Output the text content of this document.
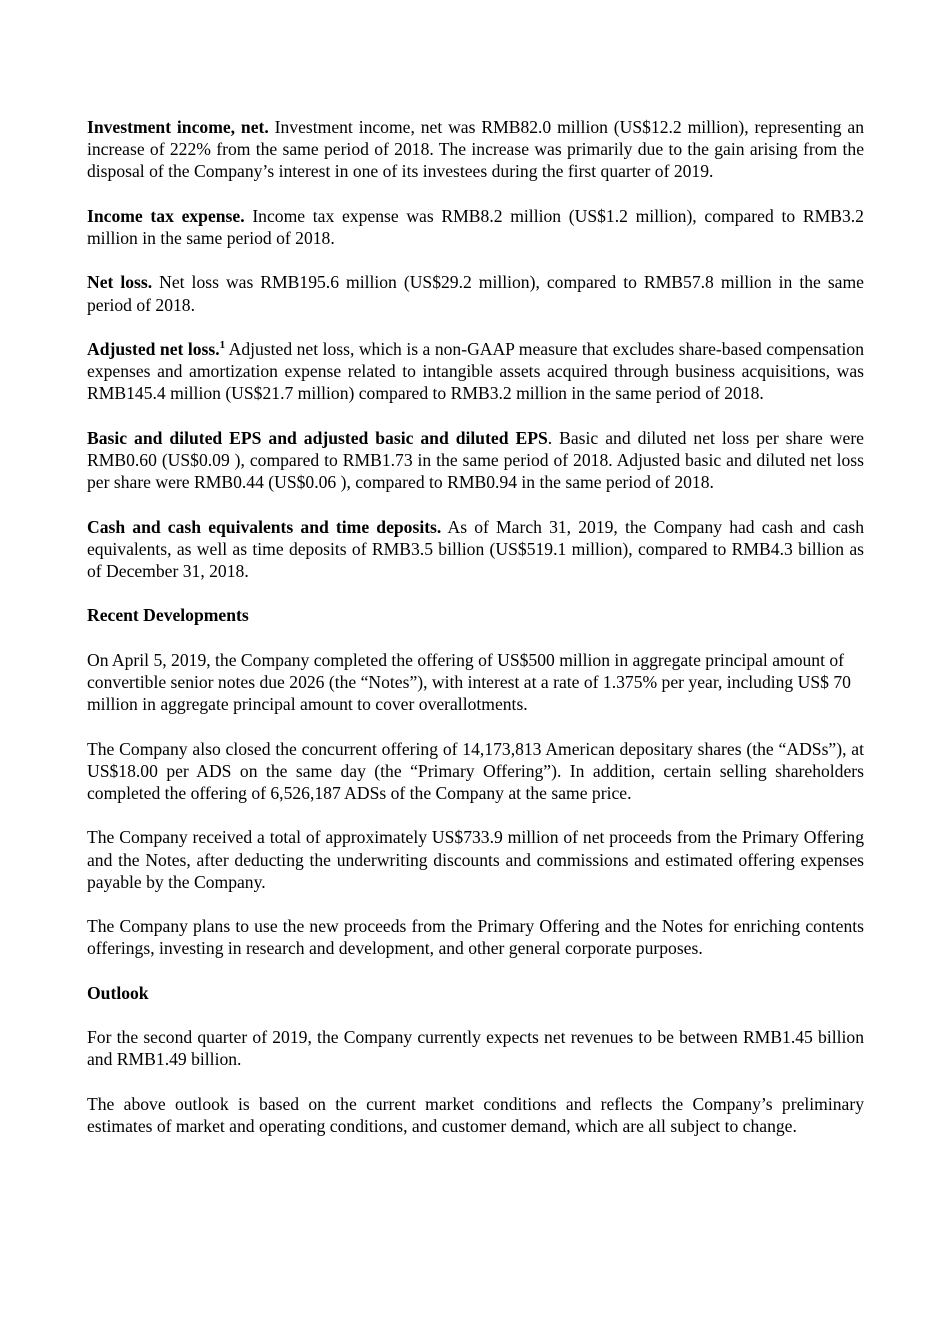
Investment income, net. Investment income, net was RMB82.0 million (US$12.2 million), representing an increase of 222% from the same period of 2018. The increase was primarily due to the gain arising from the disposal of the Company’s interest in one of its investees during the first quarter of 2019.

Income tax expense. Income tax expense was RMB8.2 million (US$1.2 million), compared to RMB3.2 million in the same period of 2018.

Net loss. Net loss was RMB195.6 million (US$29.2 million), compared to RMB57.8 million in the same period of 2018.

Adjusted net loss.$^1$ Adjusted net loss, which is a non-GAAP measure that excludes share-based compensation expenses and amortization expense related to intangible assets acquired through business acquisitions, was RMB145.4 million (US$21.7 million) compared to RMB3.2 million in the same period of 2018.

Basic and diluted EPS and adjusted basic and diluted EPS. Basic and diluted net loss per share were RMB0.60 (US$0.09 ), compared to RMB1.73 in the same period of 2018. Adjusted basic and diluted net loss per share were RMB0.44 (US$0.06 ), compared to RMB0.94 in the same period of 2018.

Cash and cash equivalents and time deposits. As of March 31, 2019, the Company had cash and cash equivalents, as well as time deposits of RMB3.5 billion (US$519.1 million), compared to RMB4.3 billion as of December 31, 2018.

Recent Developments

On April 5, 2019, the Company completed the offering of US$500 million in aggregate principal amount of convertible senior notes due 2026 (the “Notes”), with interest at a rate of 1.375% per year, including US$ 70 million in aggregate principal amount to cover overallotments.

The Company also closed the concurrent offering of 14,173,813 American depositary shares (the “ADSs”), at US$18.00 per ADS on the same day (the “Primary Offering”). In addition, certain selling shareholders completed the offering of 6,526,187 ADSs of the Company at the same price.

The Company received a total of approximately US$733.9 million of net proceeds from the Primary Offering and the Notes, after deducting the underwriting discounts and commissions and estimated offering expenses payable by the Company.

The Company plans to use the new proceeds from the Primary Offering and the Notes for enriching contents offerings, investing in research and development, and other general corporate purposes.

Outlook

For the second quarter of 2019, the Company currently expects net revenues to be between RMB1.45 billion and RMB1.49 billion.

The above outlook is based on the current market conditions and reflects the Company’s preliminary estimates of market and operating conditions, and customer demand, which are all subject to change.
